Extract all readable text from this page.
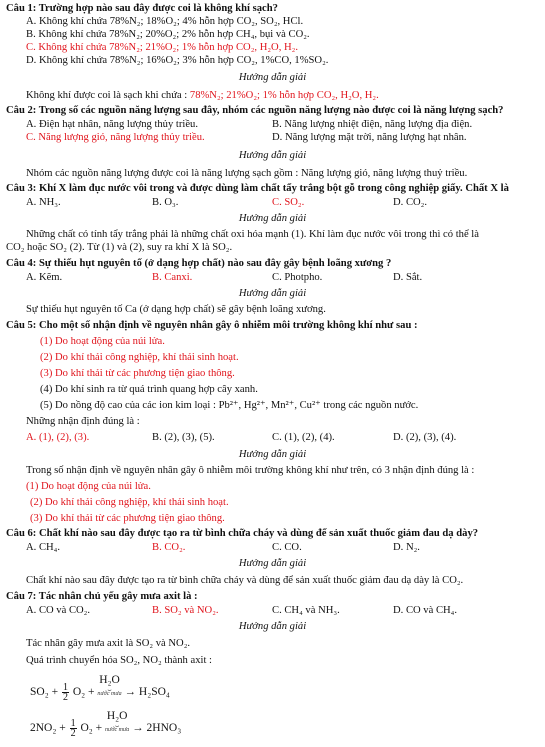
Câu 1: Trường hợp nào sau đây được coi là không khí sạch?
A. Không khí chứa 78%N₂; 18%O₂; 4% hỗn hợp CO₂, SO₂, HCl.
B. Không khí chứa 78%N₂; 20%O₂; 2% hỗn hợp CH₄, bụi và CO₂.
C. Không khí chứa 78%N₂; 21%O₂; 1% hỗn hợp CO₂, H₂O, H₂.
D. Không khí chứa 78%N₂; 16%O₂; 3% hỗn hợp CO₂, 1%CO, 1%SO₂.
Hướng dẫn giải
Không khí được coi là sạch khi chứa : 78%N₂; 21%O₂; 1% hỗn hợp CO₂, H₂O, H₂.
Câu 2: Trong số các nguồn năng lượng sau đây, nhóm các nguồn năng lượng nào được coi là năng lượng sạch?
A. Điện hạt nhân, năng lượng thủy triều.	B. Năng lượng nhiệt điện, năng lượng địa điện.
C. Năng lượng gió, năng lượng thủy triều.	D. Năng lượng mặt trời, năng lượng hạt nhân.
Hướng dẫn giải
Nhóm các nguồn năng lượng được coi là năng lượng sạch gồm : Năng lượng gió, năng lượng thuỷ triều.
Câu 3: Khí X làm đục nước vôi trong và được dùng làm chất tẩy trắng bột gỗ trong công nghiệp giấy. Chất X là
A. NH₃.	B. O₃.	C. SO₂.	D. CO₂.
Hướng dẫn giải
Những chất có tính tẩy trắng phải là những chất oxi hóa mạnh (1). Khí làm đục nước vôi trong thì có thể là
CO₂ hoặc SO₂ (2). Từ (1) và (2), suy ra khí X là SO₂.
Câu 4: Sự thiếu hụt nguyên tố (ở dạng hợp chất) nào sau đây gây bệnh loãng xương ?
A. Kẽm.	B. Canxi.	C. Photpho.	D. Sắt.
Hướng dẫn giải
Sự thiếu hụt nguyên tố Ca (ở dạng hợp chất) sẽ gây bệnh loãng xương.
Câu 5: Cho một số nhận định về nguyên nhân gây ô nhiễm môi trường không khí như sau :
(1) Do hoạt động của núi lửa.
(2) Do khí thải công nghiệp, khí thải sinh hoạt.
(3) Do khí thải từ các phương tiện giao thông.
(4) Do khí sinh ra từ quá trình quang hợp cây xanh.
(5) Do nồng độ cao của các ion kim loại : Pb²⁺, Hg²⁺, Mn²⁺, Cu²⁺ trong các nguồn nước.
Những nhận định đúng là :
A. (1), (2), (3).	B. (2), (3), (5).	C. (1), (2), (4).	D. (2), (3), (4).
Hướng dẫn giải
Trong số nhận định về nguyên nhân gây ô nhiễm môi trường không khí như trên, có 3 nhận định đúng là :
(1) Do hoạt động của núi lửa.
(2) Do khí thải công nghiệp, khí thải sinh hoạt.
(3) Do khí thải từ các phương tiện giao thông.
Câu 6: Chất khí nào sau đây được tạo ra từ bình chữa cháy và dùng để sản xuất thuốc giảm đau dạ dày?
A. CH₄.	B. CO₂.	C. CO.	D. N₂.
Hướng dẫn giải
Chất khí nào sau đây được tạo ra từ bình chữa cháy và dùng để sản xuất thuốc giảm đau dạ dày là CO₂.
Câu 7: Tác nhân chủ yếu gây mưa axit là :
A. CO và CO₂.	B. SO₂ và NO₂.	C. CH₄ và NH₃.	D. CO và CH₄.
Hướng dẫn giải
Tác nhân gây mưa axit là SO₂ và NO₂.
Quá trình chuyển hóa SO₂, NO₂ thành axit :
$SO_2 + \frac{1}{2} O_2 + H_2O$
⏟
nước mưa → H₂SO₄
$2NO_2 + \frac{1}{2} O_2 + H_2O$
⏟
nước mưa → 2HNO₃
